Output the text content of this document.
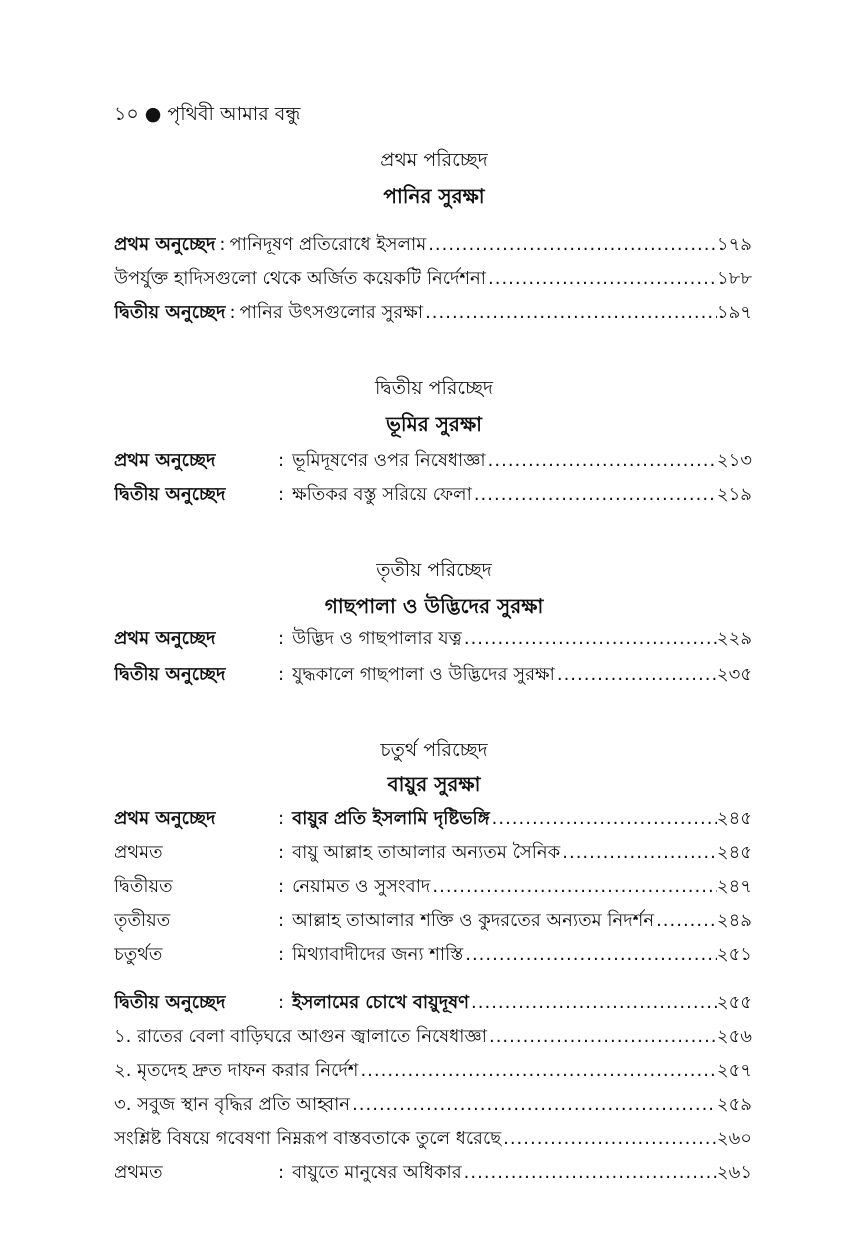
১০ ● পৃথিবী আমার বন্ধু
প্রথম পরিচ্ছেদ
পানির সুরক্ষা
প্রথম অনুচ্ছেদ : পানিদূষণ প্রতিরোধে ইসলাম .....	১৭৯
উপর্যুক্ত হাদিসগুলো থেকে অর্জিত কয়েকটি নির্দেশনা .....	১৮৮
দ্বিতীয় অনুচ্ছেদ : পানির উৎসগুলোর সুরক্ষা .....	১৯৭
দ্বিতীয় পরিচ্ছেদ
ভূমির সুরক্ষা
প্রথম অনুচ্ছেদ	: ভূমিদূষণের ওপর নিষেধাজ্ঞা .....	২১৩
দ্বিতীয় অনুচ্ছেদ	: ক্ষতিকর বস্তু সরিয়ে ফেলা .....	২১৯
তৃতীয় পরিচ্ছেদ
গাছপালা ও উদ্ভিদের সুরক্ষা
প্রথম অনুচ্ছেদ	: উদ্ভিদ ও গাছপালার যত্ন .....	২২৯
দ্বিতীয় অনুচ্ছেদ	: যুদ্ধকালে গাছপালা ও উদ্ভিদের সুরক্ষা .....	২৩৫
চতুর্থ পরিচ্ছেদ
বায়ুর সুরক্ষা
প্রথম অনুচ্ছেদ	: বায়ুর প্রতি ইসলামি দৃষ্টিভঙ্গি .....	২৪৫
প্রথমত	: বায়ু আল্লাহ তাআলার অন্যতম সৈনিক .....	২৪৫
দ্বিতীয়ত	: নেয়ামত ও সুসংবাদ .....	২৪৭
তৃতীয়ত	: আল্লাহ তাআলার শক্তি ও কুদরতের অন্যতম নিদর্শন .....	২৪৯
চতুর্থত	: মিথ্যাবাদীদের জন্য শাস্তি .....	২৫১
দ্বিতীয় অনুচ্ছেদ	: ইসলামের চোখে বায়ুদূষণ .....	২৫৫
১. রাতের বেলা বাড়িঘরে আগুন জ্বালাতে নিষেধাজ্ঞা .....	২৫৬
২. মৃতদেহ দ্রুত দাফন করার নির্দেশ .....	২৫৭
৩. সবুজ স্থান বৃদ্ধির প্রতি আহ্বান .....	২৫৯
সংশ্লিষ্ট বিষয়ে গবেষণা নিম্নরূপ বাস্তবতাকে তুলে ধরেছে .....	২৬০
প্রথমত	: বায়ুতে মানুষের অধিকার .....	২৬১
